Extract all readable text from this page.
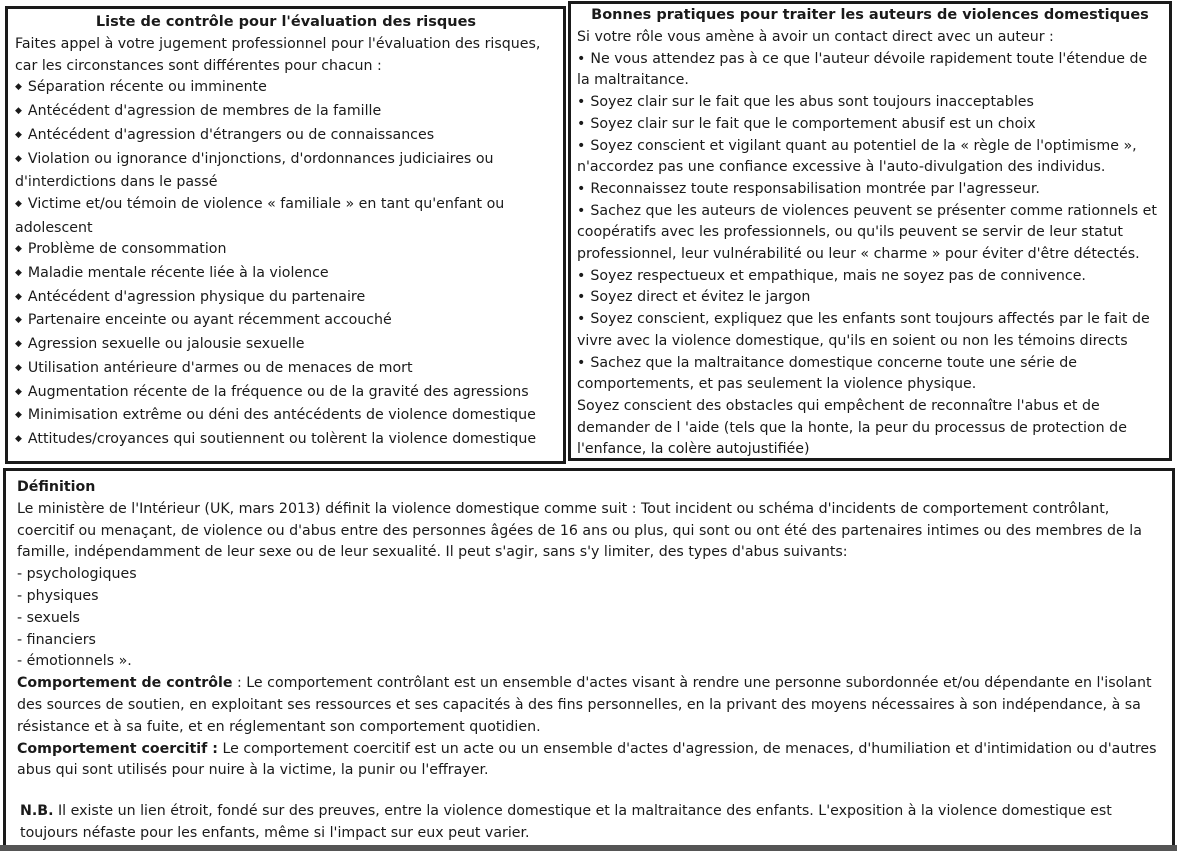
Liste de contrôle pour l'évaluation des risques

Faites appel à votre jugement professionnel pour l'évaluation des risques, car les circonstances sont différentes pour chacun :

◆ Séparation récente ou imminente
◆ Antécédent d'agression de membres de la famille
◆ Antécédent d'agression d'étrangers ou de connaissances
◆ Violation ou ignorance d'injonctions, d'ordonnances judiciaires ou d'interdictions dans le passé
◆ Victime et/ou témoin de violence « familiale » en tant qu'enfant ou adolescent
◆ Problème de consommation
◆ Maladie mentale récente liée à la violence
◆ Antécédent d'agression physique du partenaire
◆ Partenaire enceinte ou ayant récemment accouché
◆ Agression sexuelle ou jalousie sexuelle
◆ Utilisation antérieure d'armes ou de menaces de mort
◆ Augmentation récente de la fréquence ou de la gravité des agressions
◆ Minimisation extrême ou déni des antécédents de violence domestique
◆ Attitudes/croyances qui soutiennent ou tolèrent la violence domestique
Bonnes pratiques pour traiter les auteurs de violences domestiques

Si votre rôle vous amène à avoir un contact direct avec un auteur :

• Ne vous attendez pas à ce que l'auteur dévoile rapidement toute l'étendue de la maltraitance.
• Soyez clair sur le fait que les abus sont toujours inacceptables
• Soyez clair sur le fait que le comportement abusif est un choix
• Soyez conscient et vigilant quant au potentiel de la « règle de l'optimisme », n'accordez pas une confiance excessive à l'auto-divulgation des individus.
• Reconnaissez toute responsabilisation montrée par l'agresseur.
• Sachez que les auteurs de violences peuvent se présenter comme rationnels et coopératifs avec les professionnels, ou qu'ils peuvent se servir de leur statut professionnel, leur vulnérabilité ou leur « charme » pour éviter d'être détectés.
• Soyez respectueux et empathique, mais ne soyez pas de connivence.
• Soyez direct et évitez le jargon
• Soyez conscient, expliquez que les enfants sont toujours affectés par le fait de vivre avec la violence domestique, qu'ils en soient ou non les témoins directs
• Sachez que la maltraitance domestique concerne toute une série de comportements, et pas seulement la violence physique.

Soyez conscient des obstacles qui empêchent de reconnaître l'abus et de demander de l 'aide (tels que la honte, la peur du processus de protection de l'enfance, la colère autojustifiée)

Définition

Le ministère de l'Intérieur (UK, mars 2013) définit la violence domestique comme suit : Tout incident ou schéma d'incidents de comportement contrôlant, coercitif ou menaçant, de violence ou d'abus entre des personnes âgées de 16 ans ou plus, qui sont ou ont été des partenaires intimes ou des membres de la famille, indépendamment de leur sexe ou de leur sexualité. Il peut s'agir, sans s'y limiter, des types d'abus suivants:

- psychologiques

- physiques

- sexuels

- financiers

- émotionnels ».

Comportement de contrôle : Le comportement contrôlant est un ensemble d'actes visant à rendre une personne subordonnée et/ou dépendante en l'isolant des sources de soutien, en exploitant ses ressources et ses capacités à des fins personnelles, en la privant des moyens nécessaires à son indépendance, à sa résistance et à sa fuite, et en réglementant son comportement quotidien.

Comportement coercitif : Le comportement coercitif est un acte ou un ensemble d'actes d'agression, de menaces, d'humiliation et d'intimidation ou d'autres abus qui sont utilisés pour nuire à la victime, la punir ou l'effrayer.

N.B. Il existe un lien étroit, fondé sur des preuves, entre la violence domestique et la maltraitance des enfants. L'exposition à la violence domestique est toujours néfaste pour les enfants, même si l'impact sur eux peut varier.
